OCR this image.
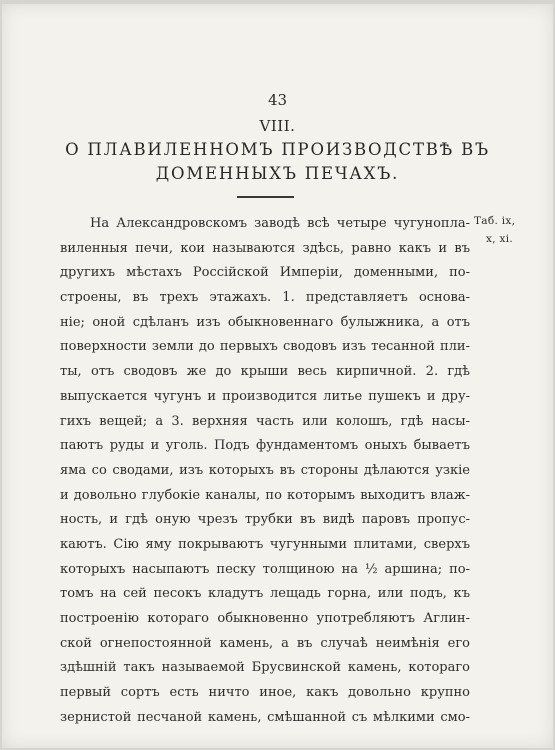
43
VIII.
О ПЛАВИЛЕННОМЪ ПРОИЗВОДСТВѢ ВЪ
ДОМЕННЫХЪ ПЕЧАХЪ.
Таб. ix,
x, xi.
На Александровскомъ заводѣ всѣ четыре чугуноплa-
виленныя печи, кои называются здѣсь, равно какъ и въ
другихъ мѣстахъ Россiйской Имперiи, доменными, по-
строены, въ трехъ этажахъ. 1. представляетъ основа-
нiе; оной сдѣланъ изъ обыкновеннаго булыжника, а отъ
поверхности земли до первыхъ сводовъ изъ тесанной пли-
ты, отъ сводовъ же до крыши весь кирпичной. 2. гдѣ
выпускается чугунъ и производится литье пушекъ и дру-
гихъ вещей; а 3. верхняя часть или колошъ, гдѣ насы-
паютъ руды и уголь. Подъ фундаментомъ оныхъ бываетъ
яма со сводами, изъ которыхъ въ стороны дѣлаются узкiе
и довольно глубокiе каналы, по которымъ выходитъ влаж-
ность, и гдѣ оную чрезъ трубки въ видѣ паровъ пропус-
каютъ. Сiю яму покрываютъ чугунными плитами, сверхъ
которыхъ насыпаютъ песку толщиною на ½ аршина; по-
томъ на сей песокъ кладутъ лещадь горна, или подъ, къ
построенiю котораго обыкновенно употребляютъ Аглин-
ской огнепостоянной камень, а въ случаѣ неимѣнiя его
здѣшнiй такъ называемой Брусвинской камень, котораго
первый сортъ есть ничто иное, какъ довольно крупно
зернистой песчаной камень, смѣшанной съ мѣлкими смо-
